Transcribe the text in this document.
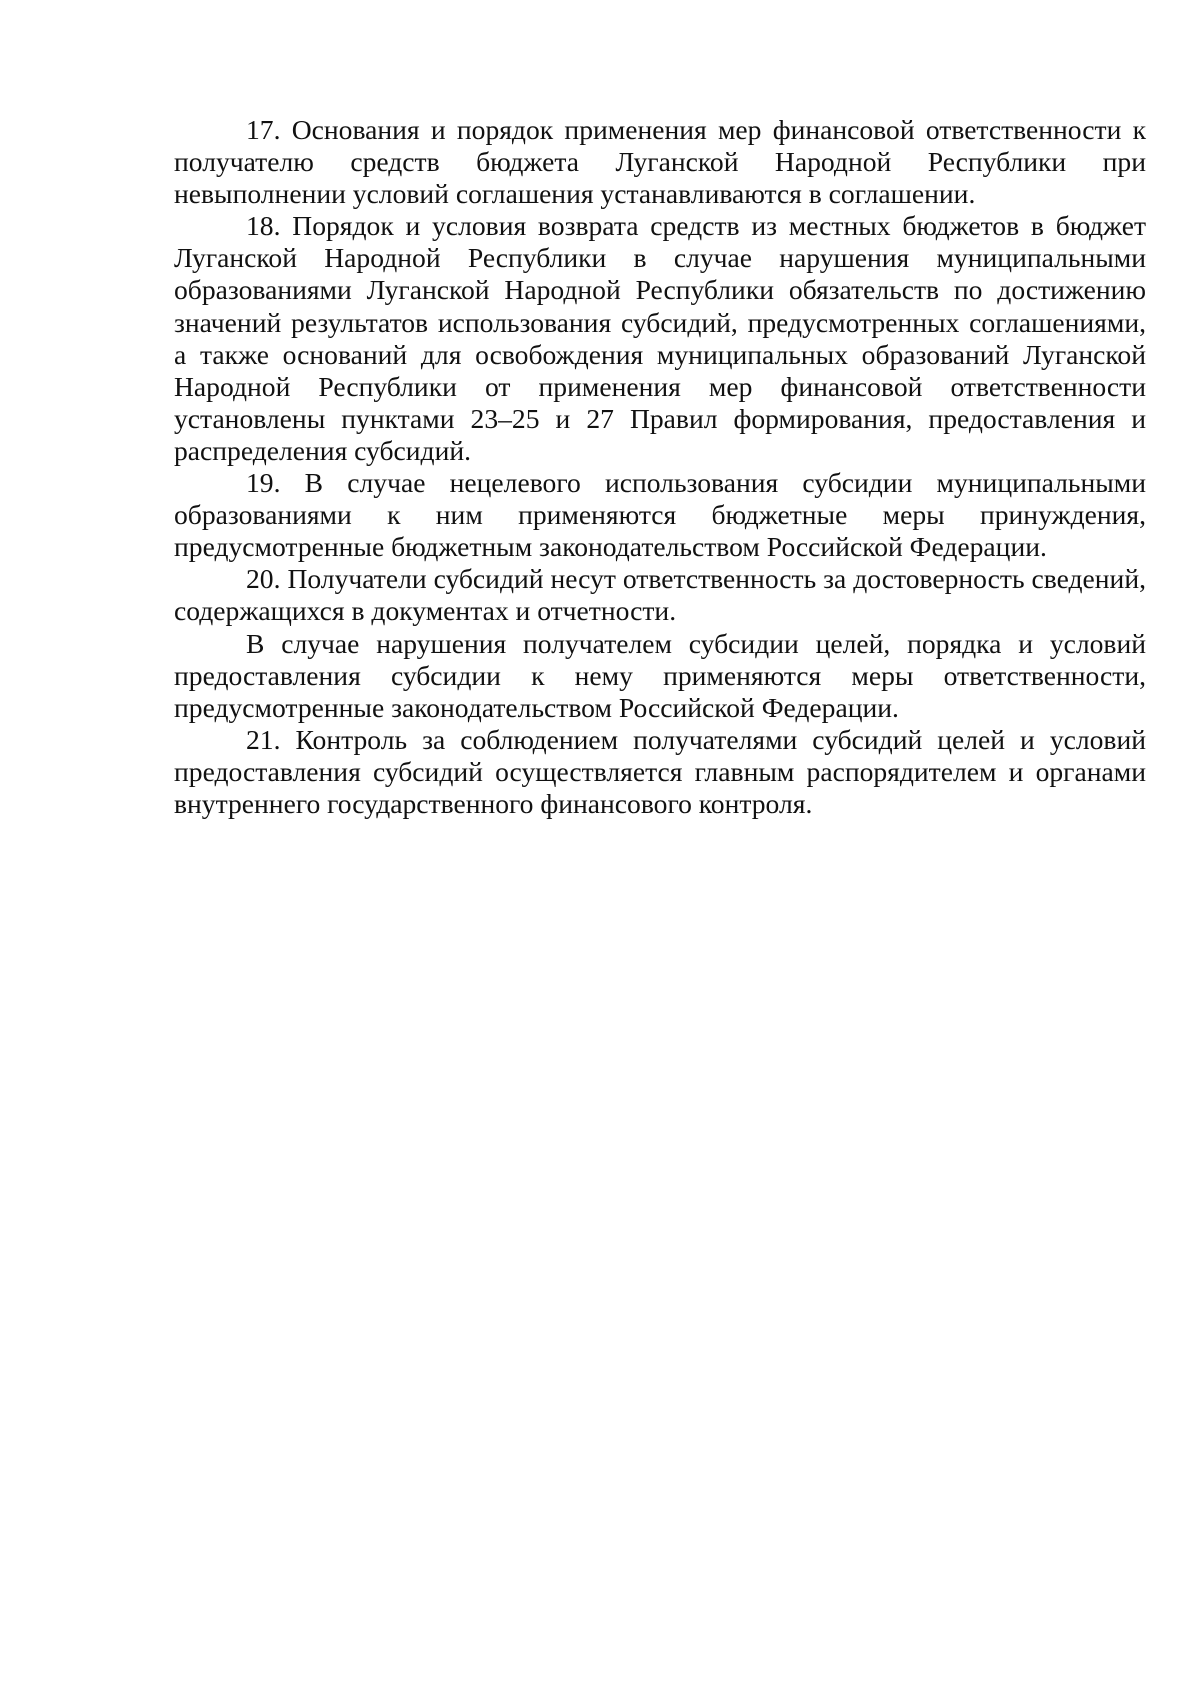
17. Основания и порядок применения мер финансовой ответственности к получателю средств бюджета Луганской Народной Республики при невыполнении условий соглашения устанавливаются в соглашении.

18. Порядок и условия возврата средств из местных бюджетов в бюджет Луганской Народной Республики в случае нарушения муниципальными образованиями Луганской Народной Республики обязательств по достижению значений результатов использования субсидий, предусмотренных соглашениями, а также оснований для освобождения муниципальных образований Луганской Народной Республики от применения мер финансовой ответственности установлены пунктами 23–25 и 27 Правил формирования, предоставления и распределения субсидий.

19. В случае нецелевого использования субсидии муниципальными образованиями к ним применяются бюджетные меры принуждения, предусмотренные бюджетным законодательством Российской Федерации.

20. Получатели субсидий несут ответственность за достоверность сведений, содержащихся в документах и отчетности.

В случае нарушения получателем субсидии целей, порядка и условий предоставления субсидии к нему применяются меры ответственности, предусмотренные законодательством Российской Федерации.

21. Контроль за соблюдением получателями субсидий целей и условий предоставления субсидий осуществляется главным распорядителем и органами внутреннего государственного финансового контроля.
